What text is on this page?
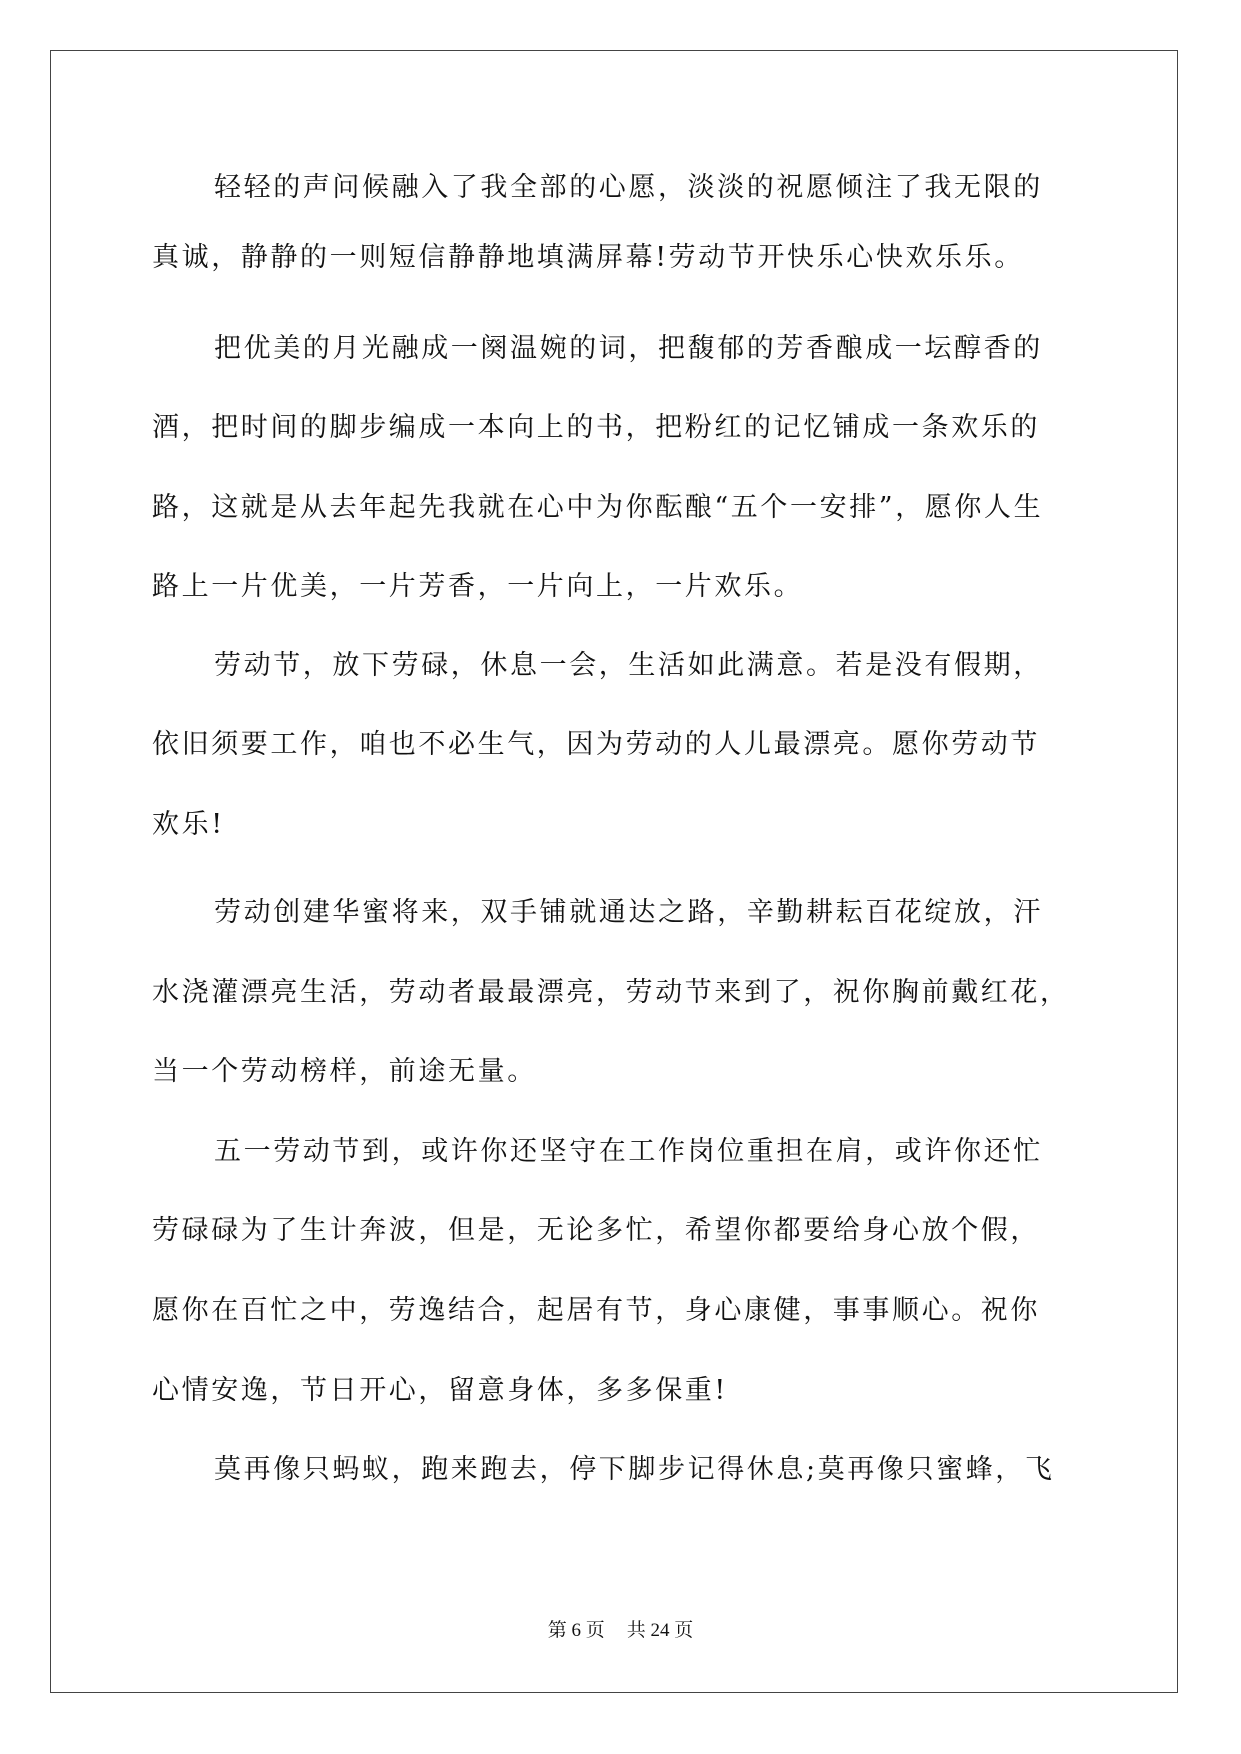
轻轻的声问候融入了我全部的心愿，淡淡的祝愿倾注了我无限的
真诚，静静的一则短信静静地填满屏幕!劳动节开快乐心快欢乐乐。
把优美的月光融成一阕温婉的词，把馥郁的芳香酿成一坛醇香的
酒，把时间的脚步编成一本向上的书，把粉红的记忆铺成一条欢乐的
路，这就是从去年起先我就在心中为你酝酿“五个一安排”，愿你人生
路上一片优美，一片芳香，一片向上，一片欢乐。
劳动节，放下劳碌，休息一会，生活如此满意。若是没有假期，
依旧须要工作，咱也不必生气，因为劳动的人儿最漂亮。愿你劳动节
欢乐!
劳动创建华蜜将来，双手铺就通达之路，辛勤耕耘百花绽放，汗
水浇灌漂亮生活，劳动者最最漂亮，劳动节来到了，祝你胸前戴红花，
当一个劳动榜样，前途无量。
五一劳动节到，或许你还坚守在工作岗位重担在肩，或许你还忙
劳碌碌为了生计奔波，但是，无论多忙，希望你都要给身心放个假，
愿你在百忙之中，劳逸结合，起居有节，身心康健，事事顺心。祝你
心情安逸，节日开心，留意身体，多多保重!
莫再像只蚂蚁，跑来跑去，停下脚步记得休息;莫再像只蜜蜂，飞
第 6 页 共 24 页
